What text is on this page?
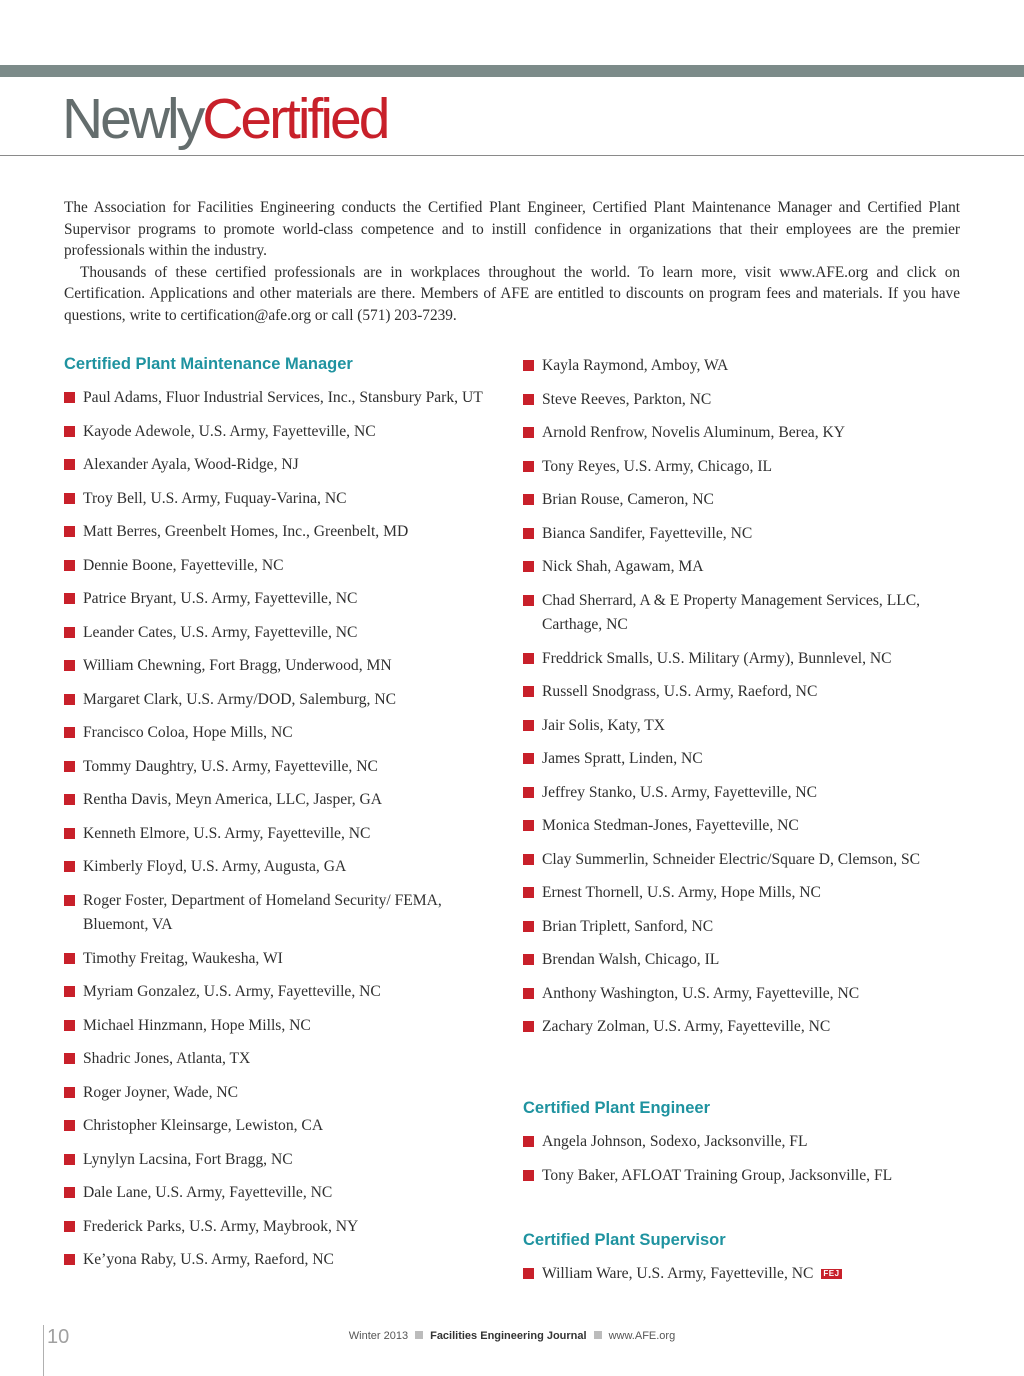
NewlyCertified

The Association for Facilities Engineering conducts the Certified Plant Engineer, Certified Plant Maintenance Manager and Certified Plant Supervisor programs to promote world-class competence and to instill confidence in organizations that their employees are the premier professionals within the industry.

Thousands of these certified professionals are in workplaces throughout the world. To learn more, visit www.AFE.org and click on Certification. Applications and other materials are there. Members of AFE are entitled to discounts on program fees and materials. If you have questions, write to certification@afe.org or call (571) 203-7239.

Certified Plant Maintenance Manager
Paul Adams, Fluor Industrial Services, Inc., Stansbury Park, UT
Kayode Adewole, U.S. Army, Fayetteville, NC
Alexander Ayala, Wood-Ridge, NJ
Troy Bell, U.S. Army, Fuquay-Varina, NC
Matt Berres, Greenbelt Homes, Inc., Greenbelt, MD
Dennie Boone, Fayetteville, NC
Patrice Bryant, U.S. Army, Fayetteville, NC
Leander Cates, U.S. Army, Fayetteville, NC
William Chewning, Fort Bragg, Underwood, MN
Margaret Clark, U.S. Army/DOD, Salemburg, NC
Francisco Coloa, Hope Mills, NC
Tommy Daughtry, U.S. Army, Fayetteville, NC
Rentha Davis, Meyn America, LLC, Jasper, GA
Kenneth Elmore, U.S. Army, Fayetteville, NC
Kimberly Floyd, U.S. Army, Augusta, GA
Roger Foster, Department of Homeland Security/ FEMA, Bluemont, VA
Timothy Freitag, Waukesha, WI
Myriam Gonzalez, U.S. Army, Fayetteville, NC
Michael Hinzmann, Hope Mills, NC
Shadric Jones, Atlanta, TX
Roger Joyner, Wade, NC
Christopher Kleinsarge, Lewiston, CA
Lynylyn Lacsina, Fort Bragg, NC
Dale Lane, U.S. Army, Fayetteville, NC
Frederick Parks, U.S. Army, Maybrook, NY
Ke’yona Raby, U.S. Army, Raeford, NC
Kayla Raymond, Amboy, WA
Steve Reeves, Parkton, NC
Arnold Renfrow, Novelis Aluminum, Berea, KY
Tony Reyes, U.S. Army, Chicago, IL
Brian Rouse, Cameron, NC
Bianca Sandifer, Fayetteville, NC
Nick Shah, Agawam, MA
Chad Sherrard, A & E Property Management Services, LLC, Carthage, NC
Freddrick Smalls, U.S. Military (Army), Bunnlevel, NC
Russell Snodgrass, U.S. Army, Raeford, NC
Jair Solis, Katy, TX
James Spratt, Linden, NC
Jeffrey Stanko, U.S. Army, Fayetteville, NC
Monica Stedman-Jones, Fayetteville, NC
Clay Summerlin, Schneider Electric/Square D, Clemson, SC
Ernest Thornell, U.S. Army, Hope Mills, NC
Brian Triplett, Sanford, NC
Brendan Walsh, Chicago, IL
Anthony Washington, U.S. Army, Fayetteville, NC
Zachary Zolman, U.S. Army, Fayetteville, NC
Certified Plant Engineer
Angela Johnson, Sodexo, Jacksonville, FL
Tony Baker, AFLOAT Training Group, Jacksonville, FL
Certified Plant Supervisor
William Ware, U.S. Army, Fayetteville, NC FEJ
10	Winter 2013 Facilities Engineering Journal www.AFE.org
